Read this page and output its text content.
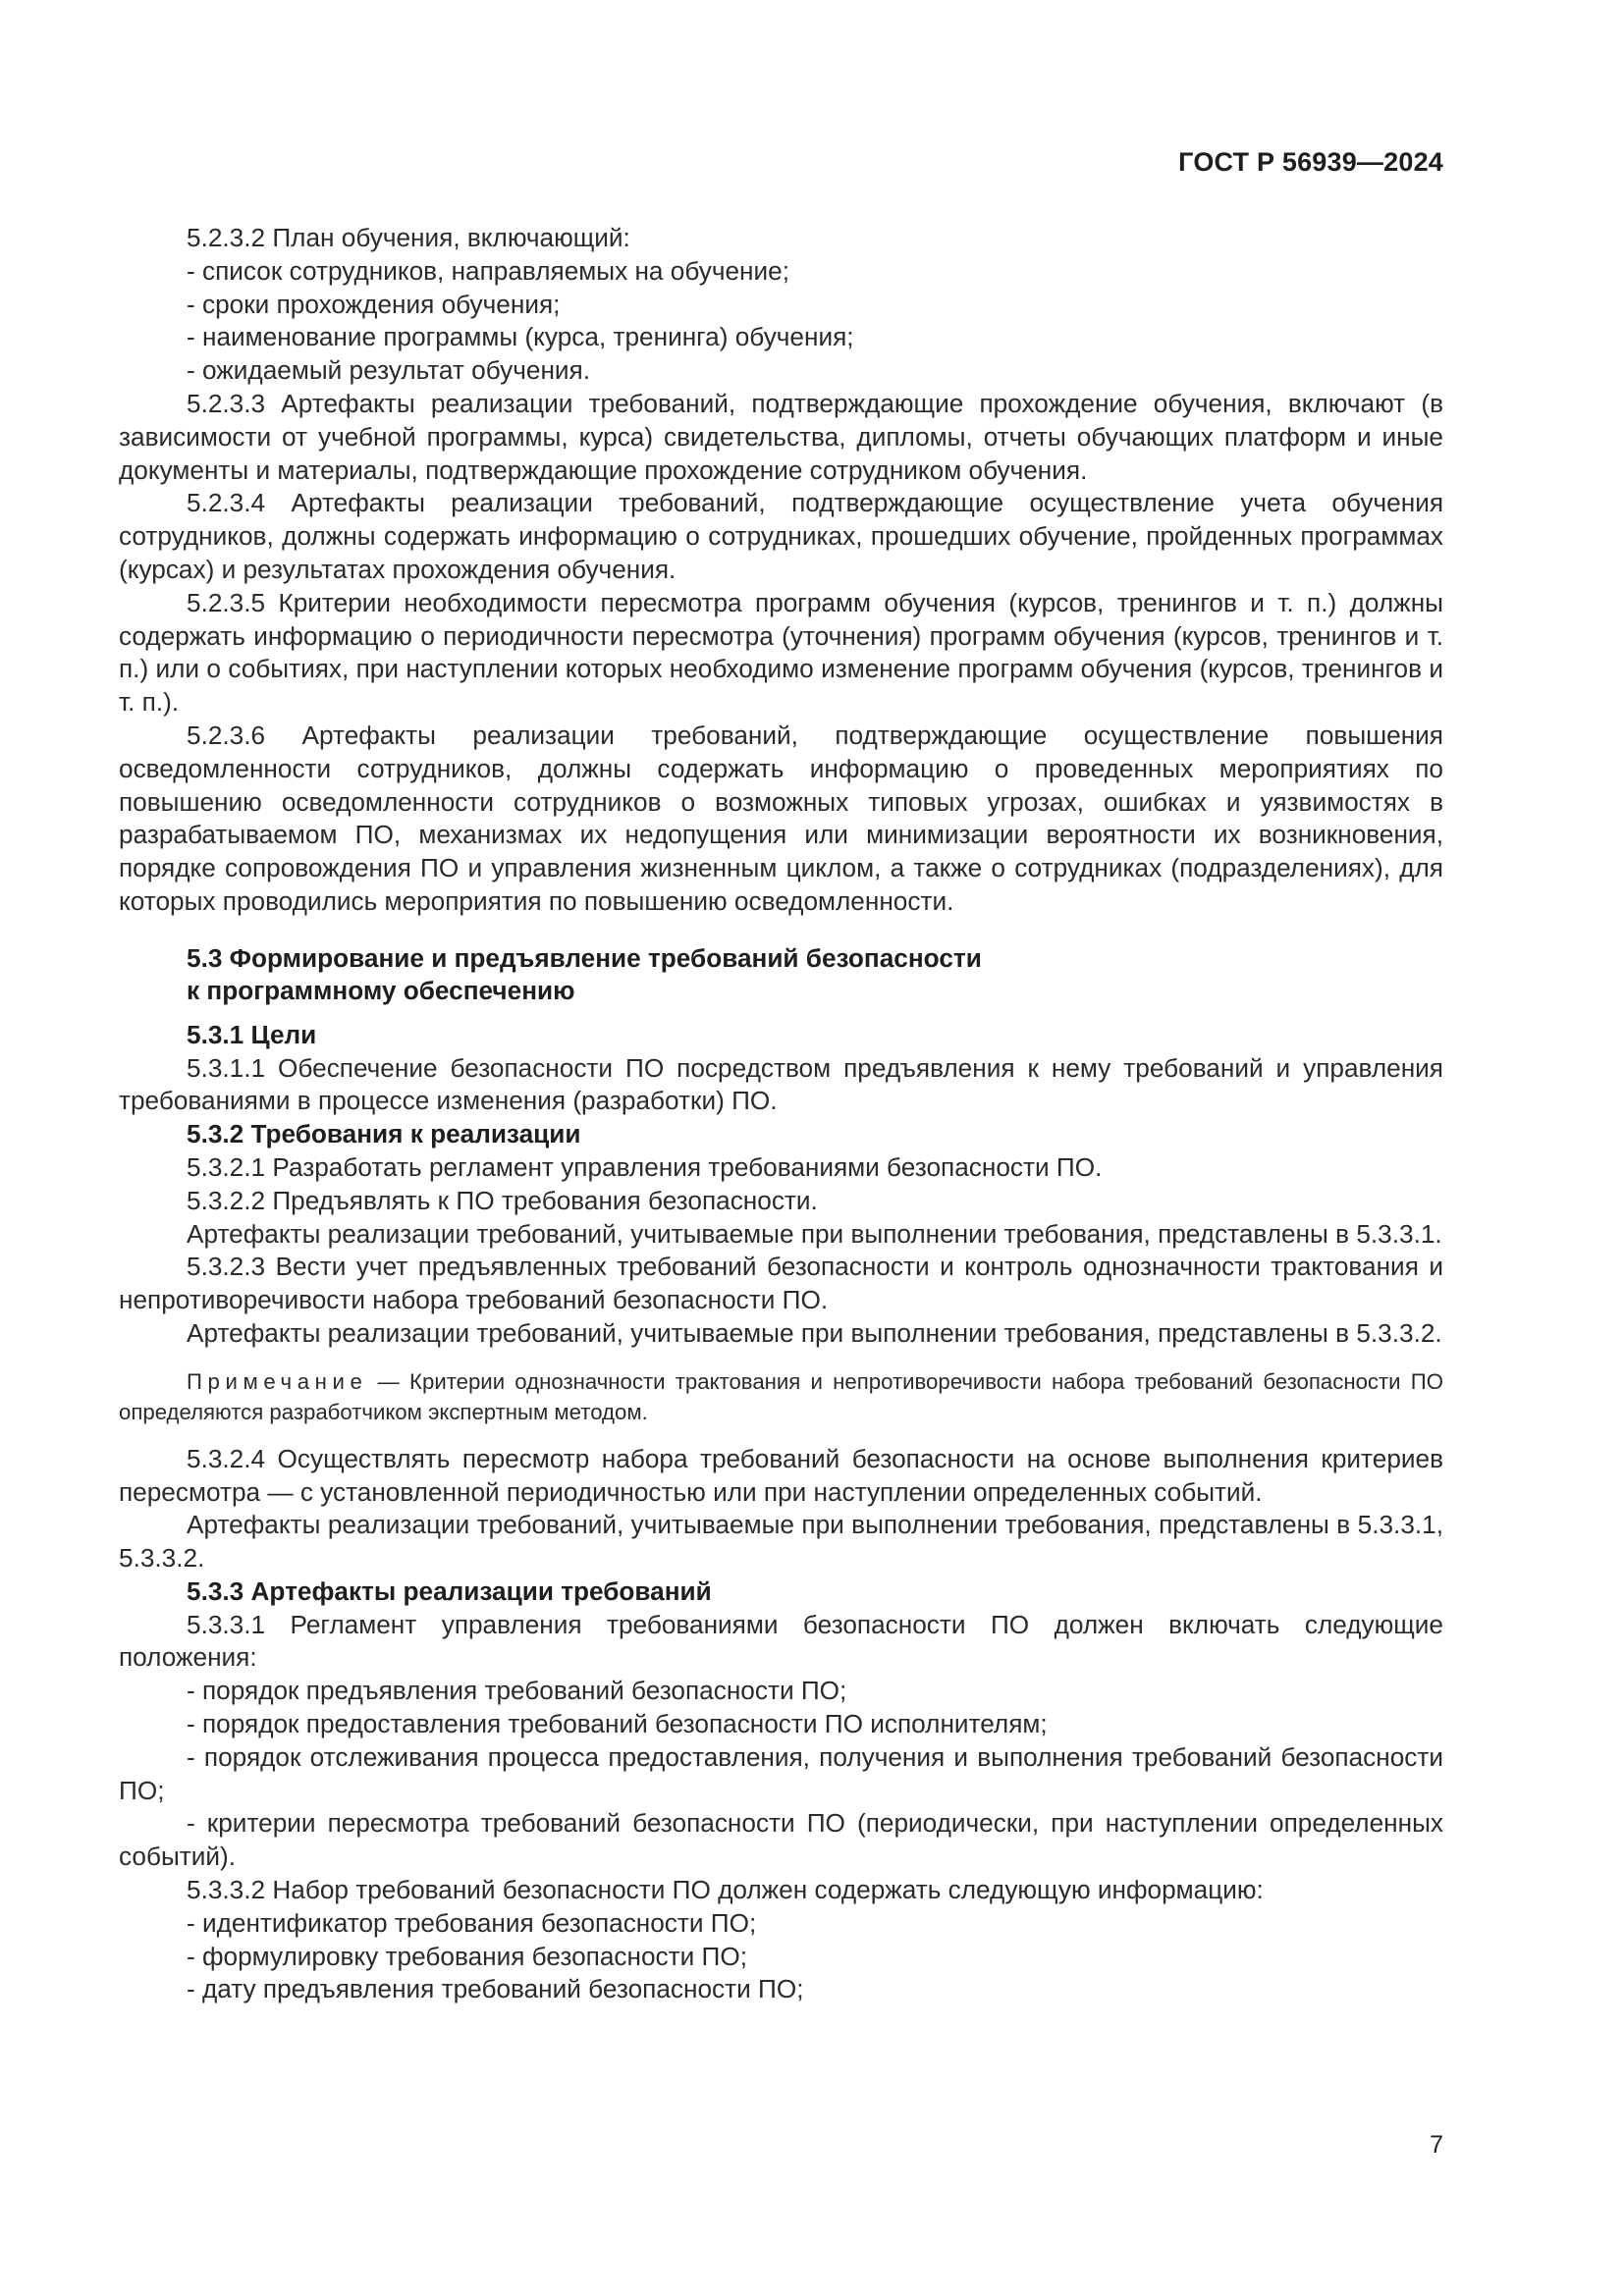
ГОСТ Р 56939—2024

5.2.3.2 План обучения, включающий:

- список сотрудников, направляемых на обучение;

- сроки прохождения обучения;

- наименование программы (курса, тренинга) обучения;

- ожидаемый результат обучения.

5.2.3.3 Артефакты реализации требований, подтверждающие прохождение обучения, включают (в зависимости от учебной программы, курса) свидетельства, дипломы, отчеты обучающих платформ и иные документы и материалы, подтверждающие прохождение сотрудником обучения.

5.2.3.4 Артефакты реализации требований, подтверждающие осуществление учета обучения сотрудников, должны содержать информацию о сотрудниках, прошедших обучение, пройденных программах (курсах) и результатах прохождения обучения.

5.2.3.5 Критерии необходимости пересмотра программ обучения (курсов, тренингов и т. п.) должны содержать информацию о периодичности пересмотра (уточнения) программ обучения (курсов, тренингов и т. п.) или о событиях, при наступлении которых необходимо изменение программ обучения (курсов, тренингов и т. п.).

5.2.3.6 Артефакты реализации требований, подтверждающие осуществление повышения осведомленности сотрудников, должны содержать информацию о проведенных мероприятиях по повышению осведомленности сотрудников о возможных типовых угрозах, ошибках и уязвимостях в разрабатываемом ПО, механизмах их недопущения или минимизации вероятности их возникновения, порядке сопровождения ПО и управления жизненным циклом, а также о сотрудниках (подразделениях), для которых проводились мероприятия по повышению осведомленности.

5.3 Формирование и предъявление требований безопасности
к программному обеспечению

5.3.1 Цели

5.3.1.1 Обеспечение безопасности ПО посредством предъявления к нему требований и управления требованиями в процессе изменения (разработки) ПО.

5.3.2 Требования к реализации

5.3.2.1 Разработать регламент управления требованиями безопасности ПО.

5.3.2.2 Предъявлять к ПО требования безопасности.

Артефакты реализации требований, учитываемые при выполнении требования, представлены в 5.3.3.1.

5.3.2.3 Вести учет предъявленных требований безопасности и контроль однозначности трактования и непротиворечивости набора требований безопасности ПО.

Артефакты реализации требований, учитываемые при выполнении требования, представлены в 5.3.3.2.

Примечание — Критерии однозначности трактования и непротиворечивости набора требований безопасности ПО определяются разработчиком экспертным методом.

5.3.2.4 Осуществлять пересмотр набора требований безопасности на основе выполнения критериев пересмотра — с установленной периодичностью или при наступлении определенных событий.

Артефакты реализации требований, учитываемые при выполнении требования, представлены в 5.3.3.1, 5.3.3.2.

5.3.3 Артефакты реализации требований

5.3.3.1 Регламент управления требованиями безопасности ПО должен включать следующие положения:

- порядок предъявления требований безопасности ПО;

- порядок предоставления требований безопасности ПО исполнителям;

- порядок отслеживания процесса предоставления, получения и выполнения требований безопасности ПО;

- критерии пересмотра требований безопасности ПО (периодически, при наступлении определенных событий).

5.3.3.2 Набор требований безопасности ПО должен содержать следующую информацию:

- идентификатор требования безопасности ПО;

- формулировку требования безопасности ПО;

- дату предъявления требований безопасности ПО;

7
